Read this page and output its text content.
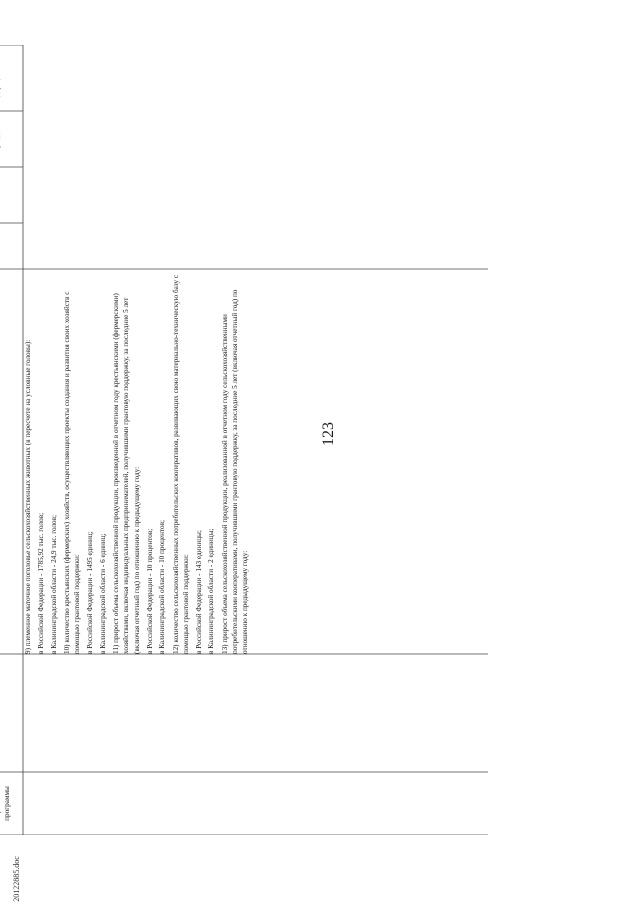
123
программы

9) племенное маточное поголовье сельскохозяйственных животных (в пересчете на условные головы): в Российской Федерации - 1785,92 тыс. голов; в Калининградской области - 24,9 тыс. голов; 10) количество крестьянских (фермерских) хозяйств, осуществляющих проекты создания и развития своих хозяйств с помощью грантовой поддержки: в Российской Федерации - 1495 единиц; в Калининградской области - 6 единиц; 11) прирост объема сельскохозяйственной продукции, произведенной в отчетном году крестьянскими (фермерскими) хозяйствами, включая индивидуальных предпринимателей, получившими грантовую поддержку, за последние 5 лет (включая отчетный год) по отношению к предыдущему году: в Российской Федерации - 10 процентов; в Калининградской области - 10 процентов; 12) количество сельскохозяйственных потребительских кооперативов, развивающих свою материально-техническую базу с помощью грантовой поддержки: в Российской Федерации - 143 единицы; в Калининградской области - 2 единицы; 13) прирост объема сельскохозяйственной продукции, реализованной в отчетном году сельскохозяйственными потребительскими кооперативами, получившими грантовую поддержку, за последние 5 лет (включая отчетный год) по отношению к предыдущему году:

20122885.doc
